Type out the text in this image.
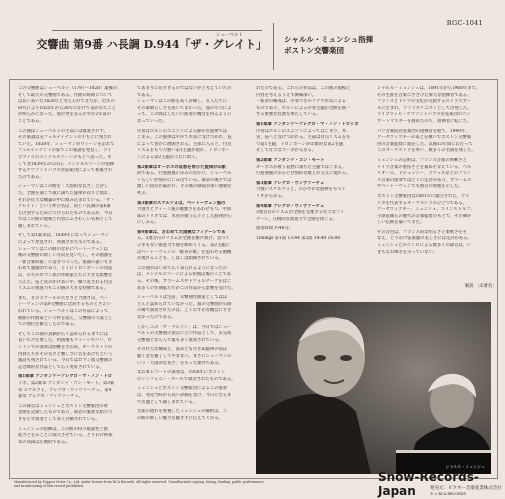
RGC-1041
シューベルト
交響曲 第9番 ハ長調 D.944「ザ・グレイト」 シャルル・ミュンシュ指揮
ボストン交響楽団
この交響曲はシューベルト（1797〜1828）最後の、
そして最大の交響曲である。作曲の時期について
は長いあいだ1828年と考えられてきたが、近年の
研究により1825年から26年にかけて書かれたこと
が明らかになった。彼が世を去るわずか2年前の
ことである。
この曲はシューベルトの生前には演奏されず、
その楽譜は兄フェルディナントの手もとに残され
ていた。1838年、シューマンがウィーンを訪れて
フェルディナントの家でこの楽譜を発見し、ライ
プツィヒのメンデルスゾーンのもとへ送った。そ
して翌1839年3月21日、メンデルスゾーンの指揮
するゲヴァントハウス管弦楽団によって初演され
たのである。
シューマンはこの曲を「天国的な長さ」と評し
た。全曲を通じて歌に満ちた旋律が次々と現れ、
それが壮大な構築の中に組み込まれている。「ザ・
グレイト」という呼び名は、同じハ長調の第6番
と区別するためにつけられたものであるが、今日
ではこの曲の規模と内容にふさわしい名称として
親しまれている。
そして第1楽章は、1838年になってシューマン
によって発見され、初演されたものである。
シューマンはこの曲のなかにベートーヴェン以
後の交響曲の新しい方向を見いだし、その感激を
「新音楽時報」に書きつづった。楽器の扱いもき
わめて独創的であり、とくにトロンボーンの用法
は、のちのロマン派の作曲家たちに大きな影響を
与えた。弦と管のかけあいや、繰り返される付点
リズムの推進力もこの曲の大きな特徴である。
また、そのスケールの大きさと力強さは、ベー
トーヴェンの第9交響曲に比肩するものとさえい
われている。シューベルトはこの作品によって、
歌曲の作曲家という枠を超え、交響曲の大家とし
ての地位を確立したのである。
そしてこの曲の真価が広く認められるまでには
長い年月を要した。初演後もウィーンやパリ、ロ
ンドンでの演奏は困難をきわめ、オーケストラの
団員たちがその長さと難しさに音をあげたという
逸話も残されている。今日ではロマン派交響曲の
記念碑的な作品として広く愛好されている。
第1楽章 アンダンテ〜アレグロ・マ・ノン・トロ
ッポ。第2楽章 アンダンテ・コン・モート。第3楽
章 スケルツォ、アレグロ・ヴィヴァーチェ。第4
楽章 アレグロ・ヴィヴァーチェ。
この録音はミュンシュとボストン交響楽団の黄
金期を記録したものであり、両者の緊密な結びつ
きを示す演奏として高く評価されている。
ミュンシュの指揮は、この曲の持つ歌謡性と推
進力とをみごとに両立させている。とりわけ終楽
章の高揚は圧倒的である。
てあまりに長すぎるのではないかと考えていたの
である。
シューマンはこの曲を高く評価し、友人たちに
その素晴らしさを説いてまわった。彼の尽力によ
って、この曲はしだいに演奏の機会を得るように
なっていった。
序奏はホルンのユニゾンによる静かな旋律では
じまる。この旋律はやがて木管に受けつがれ、弦
によって豊かに展開される。主部に入ると、付点
リズムをもつ力強い第1主題が現れ、トロンボー
ンによる第2主題がこれに続く。
第2楽章はオーボエの哀愁を帯びた旋律が印象
的である。行進曲風の歩みのなかに、シューベル
トらしい抒情がにじみ出ている。楽章の後半では
激しい頂点が築かれ、その後の静寂が深い感動を
呼ぶ。
第3楽章のスケルツォは、ベートーヴェン風の
力強さとウィーン風の優雅さをあわせもつ。中間
部のトリオでは、木管が歌う広々とした旋律が心
にしみる。
第4楽章は、きわめて大規模なフィナーレであ
る。3連音符のリズムが全曲を駆け抜け、息つく
ひまもない推進力で曲を締めくくる。第2主題に
はベートーヴェンの「歓喜の歌」を思わせる動機
が現れることも、しばしば指摘されている。
この曲がはじめて広く知られるようになったの
は、メンデルスゾーンによる初演以後のことであ
る。その後、ブラームスやドヴォルザークをはじ
め多くの作曲家たちがこの作品から影響を受けた。
シューベルトは生前、交響曲作曲家としてはほ
とんど認められていなかった。彼の交響曲が公開
の場で演奏されたのは、ごくわずかな機会にすぎ
なかったのである。
しかしこの「ザ・グレイト」は、今日ではシュー
ベルトの交響曲の頂点に立つ作品として、未完成
交響曲とならんで最も多く演奏されている。
その壮大な構成と、汲めども尽きぬ旋律の泉は
聴く者を魅了してやまない。まさにシューマンの
いう「天国的な長さ」をもった傑作である。
なお本レコードの演奏は、1958年にボストン
のシンフォニー・ホールで録音されたものである。
ミュンシュとボストン交響楽団によるこの演奏
は、発売当時から高い評価を受け、今日に至るま
で名盤として親しまれている。
音楽の流れを重視したミュンシュの解釈は、こ
の曲の新しい魅力を聴き手に伝えてくれる。
れたのである。これらの作品は、この曲の規模と
内容を考えるうえで興味深い。
一楽章の構成は、序奏つきのソナタ形式による
ものであり、ホルンによる序奏主題が全曲を統一
する重要な役割を果たしている。
第1楽章 アンダンテ〜アレグロ・マ・ノン・トロッポ
序奏はホルンのユニゾンによってはじまり、木
管、弦へと受けつがれる。主部は付点リズムをも
つ第1主題、トロンボーンが印象的な第2主題、
そして壮大なコーダからなる。
第2楽章 アンダンテ・コン・モート
オーボエが歌う哀愁に満ちた主題ではじまる。
行進曲風の歩みと抒情的な歌とが交互に現れる。
第3楽章 アレグロ・ヴィヴァーチェ
力強いスケルツォと、のびやかな旋律をもつト
リオからなる。
第4楽章 アレグロ・ヴィヴァーチェ
3連音符のリズムが全曲を支配する壮大なフィ
ナーレ。圧倒的な推進力で全曲を閉じる。
演奏時間 約48分。
Timings 第1面 13:44 第2面 14:40 16:08
シャルル・ミュンシュは、1891年から1968年まで、
その生涯を音楽にささげた偉大な指揮者である。
フランスとドイツの文化が交錯するストラスブー
ルに生まれ、ヴァイオリニストとして出発した。
ライプツィヒ・ゲヴァントハウス管弦楽団のコン
サートマスターを務めたのち、指揮者に転じた。
パリ音楽院管弦楽団の指揮者を経て、1949年、
クーセヴィツキーのあとを継いでボストン交響楽
団の音楽監督に就任した。以後13年間にわたって
このオーケストラを率い、数多くの名演を残した。
ミュンシュの芸術は、フランス音楽の明晰さと
ドイツ音楽の重厚さとを兼ねそなえている。ベル
リオーズ、ドビュッシー、ラヴェルなどのフラン
ス音楽の演奏ではとくに定評があり、ブラームス
やベートーヴェンでも独自の境地を示した。
ボストン交響楽団は1881年に創立された、アメ
リカを代表するオーケストラのひとつである。
クーセヴィツキー、ミュンシュ、ラインスドルフ、
小澤征爾らの歴代の音楽監督のもとで、その輝か
しい伝統を築いてきた。
その音色は、フランス的な明るさと柔軟さをそ
なえ、とりわけ弦楽器の美しさには定評がある。
ミュンシュとのコンビによる数多くの録音は、い
まもなお輝きを失っていない。
解説 〔未署名〕
シャルル・ミュンシュ
Manufactured by Nippon Victor Co., Ltd. under license from RCA Records. All rights reserved. Unauthorized copying, hiring, lending, public performance and broadcasting of this record prohibited.
Snow-Records-Japan	発売元：ビクター音楽産業株式会社
© ℗ RCA RECORDS
